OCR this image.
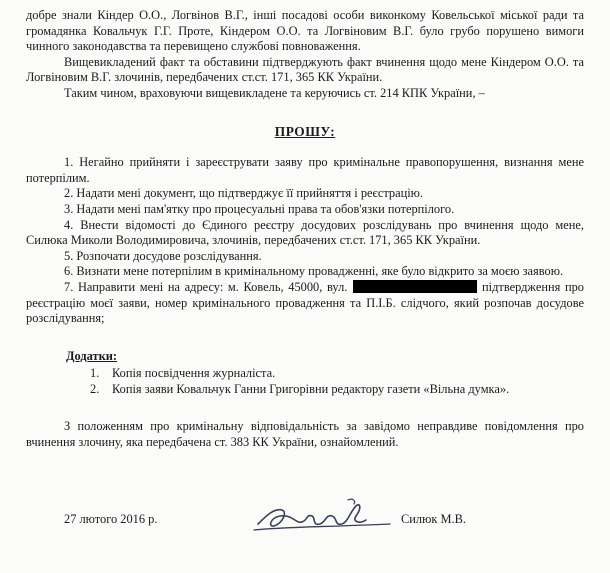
добре знали Кіндер О.О., Логвінов В.Г., інші посадові особи виконкому Ковельської міської ради та громадянка Ковальчук Г.Г. Проте, Кіндером О.О. та Логвіновим В.Г. було грубо порушено вимоги чинного законодавства та перевищено службові повноваження.

Вищевикладений факт та обставини підтверджують факт вчинення щодо мене Кіндером О.О. та Логвіновим В.Г. злочинів, передбачених ст.ст. 171, 365 КК України.

Таким чином, враховуючи вищевикладене та керуючись ст. 214 КПК України, –

ПРОШУ:

1. Негайно прийняти і зареєструвати заяву про кримінальне правопорушення, визнання мене потерпілим.

2. Надати мені документ, що підтверджує її прийняття і реєстрацію.

3. Надати мені пам'ятку про процесуальні права та обов'язки потерпілого.

4. Внести відомості до Єдиного реєстру досудових розслідувань про вчинення щодо мене, Силюка Миколи Володимировича, злочинів, передбачених ст.ст. 171, 365 КК України.

5. Розпочати досудове розслідування.

6. Визнати мене потерпілим в кримінальному провадженні, яке було відкрито за моєю заявою.

7. Направити мені на адресу: м. Ковель, 45000, вул.	підтвердження про реєстрацію моєї заяви, номер кримінального провадження та П.І.Б. слідчого, який розпочав досудове розслідування;

Додатки:
1. Копія посвідчення журналіста.
2. Копія заяви Ковальчук Ганни Григорівни редактору газети «Вільна думка».

З положенням про кримінальну відповідальність за завідомо неправдиве повідомлення про вчинення злочину, яка передбачена ст. 383 КК України, ознайомлений.

27 лютого 2016 р.	Силюк М.В.
